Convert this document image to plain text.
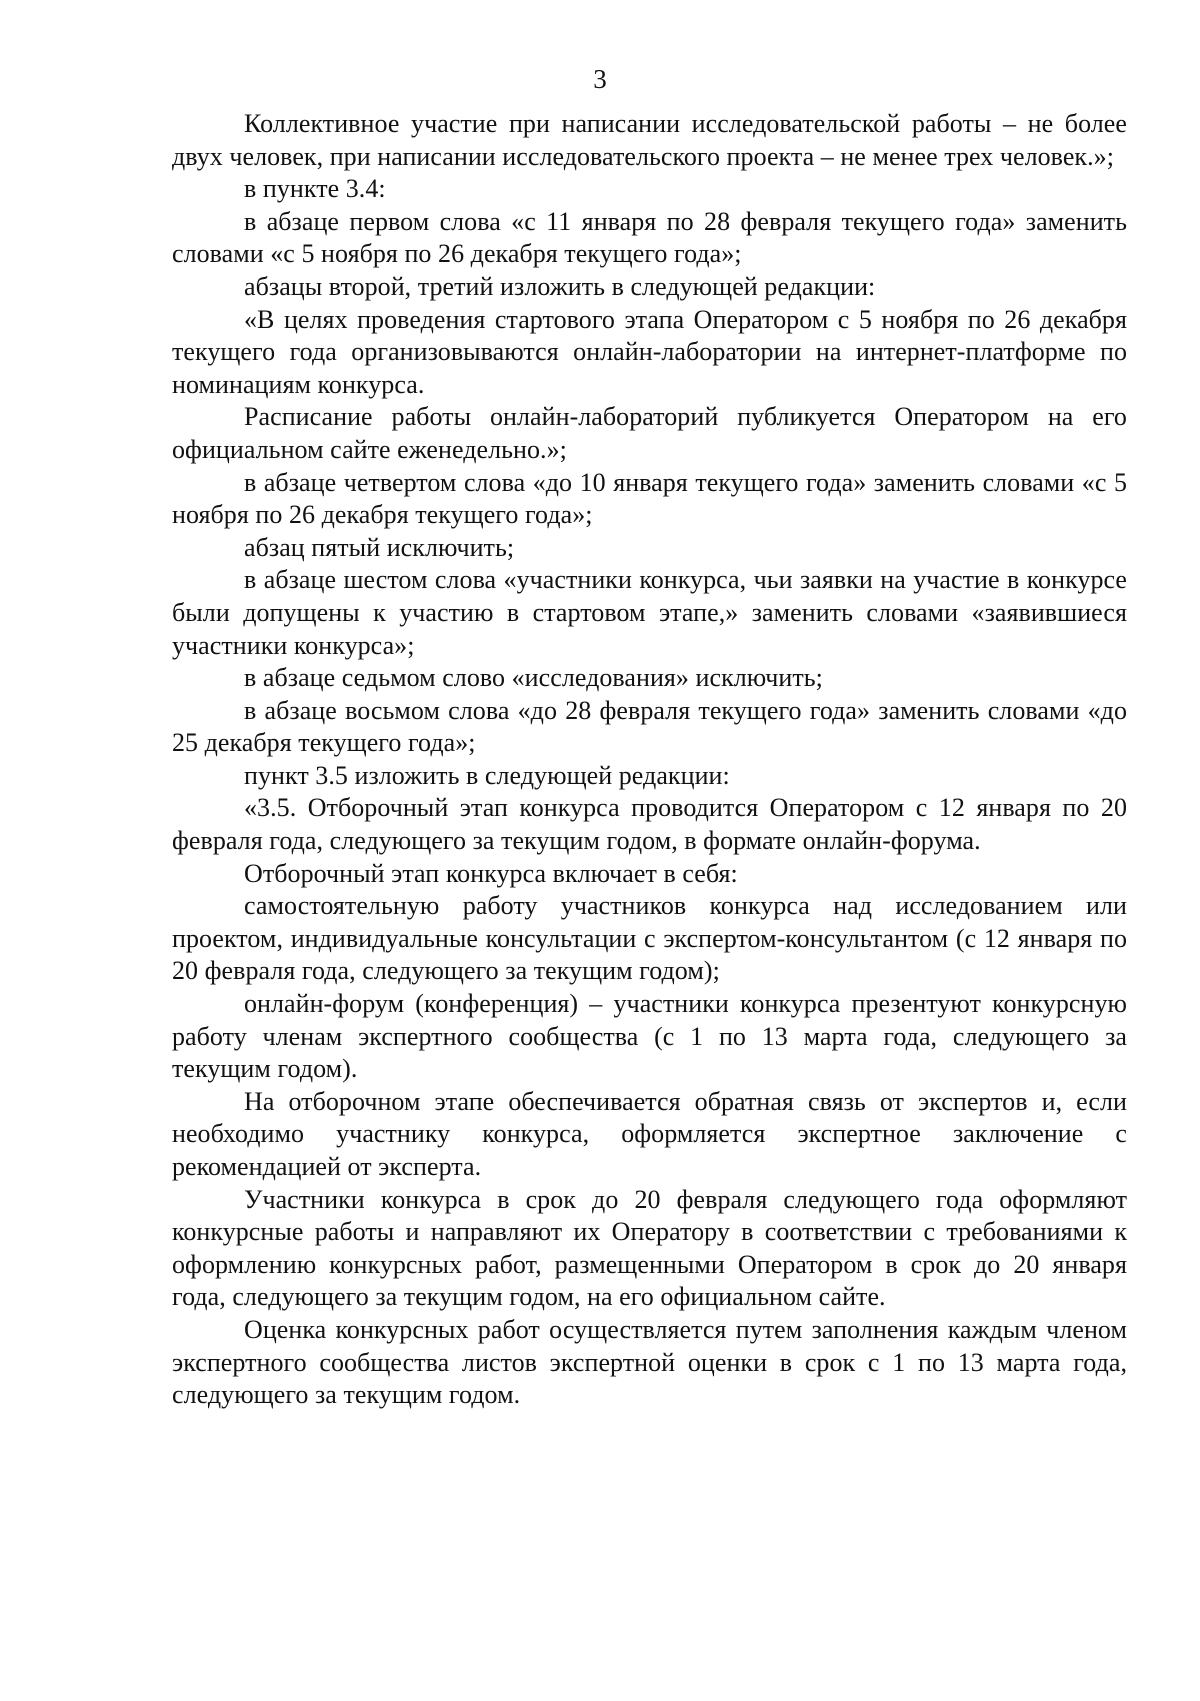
3

Коллективное участие при написании исследовательской работы – не более двух человек, при написании исследовательского проекта – не менее трех человек.»;

в пункте 3.4:

в абзаце первом слова «с 11 января по 28 февраля текущего года» заменить словами «с 5 ноября по 26 декабря текущего года»;

абзацы второй, третий изложить в следующей редакции:

«В целях проведения стартового этапа Оператором с 5 ноября по 26 декабря текущего года организовываются онлайн-лаборатории на интернет-платформе по номинациям конкурса.

Расписание работы онлайн-лабораторий публикуется Оператором на его официальном сайте еженедельно.»;

в абзаце четвертом слова «до 10 января текущего года» заменить словами «с 5 ноября по 26 декабря текущего года»;

абзац пятый исключить;

в абзаце шестом слова «участники конкурса, чьи заявки на участие в конкурсе были допущены к участию в стартовом этапе,» заменить словами «заявившиеся участники конкурса»;

в абзаце седьмом слово «исследования» исключить;

в абзаце восьмом слова «до 28 февраля текущего года» заменить словами «до 25 декабря текущего года»;

пункт 3.5 изложить в следующей редакции:

«3.5. Отборочный этап конкурса проводится Оператором с 12 января по 20 февраля года, следующего за текущим годом, в формате онлайн-форума.

Отборочный этап конкурса включает в себя:

самостоятельную работу участников конкурса над исследованием или проектом, индивидуальные консультации с экспертом-консультантом (с 12 января по 20 февраля года, следующего за текущим годом);

онлайн-форум (конференция) – участники конкурса презентуют конкурсную работу членам экспертного сообщества (с 1 по 13 марта года, следующего за текущим годом).

На отборочном этапе обеспечивается обратная связь от экспертов и, если необходимо участнику конкурса, оформляется экспертное заключение с рекомендацией от эксперта.

Участники конкурса в срок до 20 февраля следующего года оформляют конкурсные работы и направляют их Оператору в соответствии с требованиями к оформлению конкурсных работ, размещенными Оператором в срок до 20 января года, следующего за текущим годом, на его официальном сайте.

Оценка конкурсных работ осуществляется путем заполнения каждым членом экспертного сообщества листов экспертной оценки в срок с 1 по 13 марта года, следующего за текущим годом.
